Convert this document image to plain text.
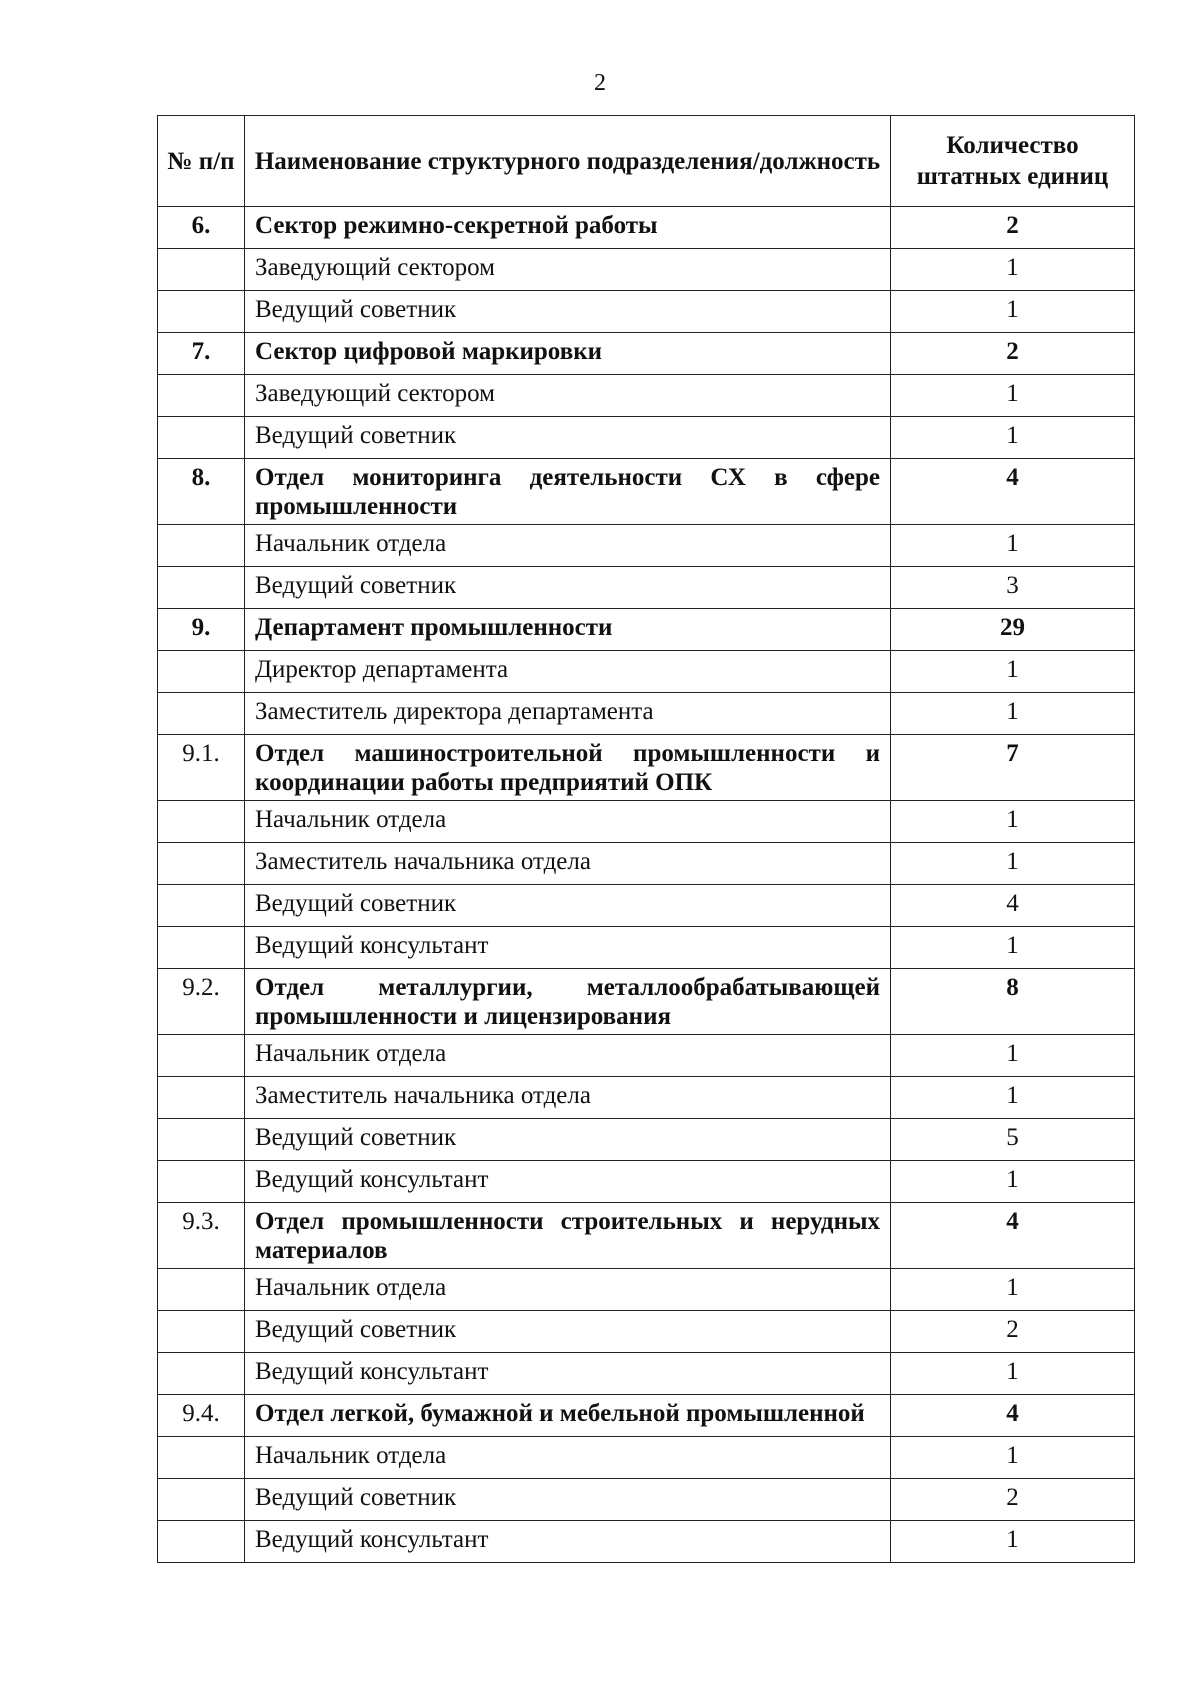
2
№ п/п	Наименование структурного подразделения/должность	Количество штатных единиц
6.	Сектор режимно-секретной работы	2
	Заведующий сектором	1
	Ведущий советник	1
7.	Сектор цифровой маркировки	2
	Заведующий сектором	1
	Ведущий советник	1
8.	Отдел мониторинга деятельности СХ в сфере промышленности	4
	Начальник отдела	1
	Ведущий советник	3
9.	Департамент промышленности	29
	Директор департамента	1
	Заместитель директора департамента	1
9.1.	Отдел машиностроительной промышленности и координации работы предприятий ОПК	7
	Начальник отдела	1
	Заместитель начальника отдела	1
	Ведущий советник	4
	Ведущий консультант	1
9.2.	Отдел металлургии, металлообрабатывающей промышленности и лицензирования	8
	Начальник отдела	1
	Заместитель начальника отдела	1
	Ведущий советник	5
	Ведущий консультант	1
9.3.	Отдел промышленности строительных и нерудных материалов	4
	Начальник отдела	1
	Ведущий советник	2
	Ведущий консультант	1
9.4.	Отдел легкой, бумажной и мебельной промышленной	4
	Начальник отдела	1
	Ведущий советник	2
	Ведущий консультант	1
